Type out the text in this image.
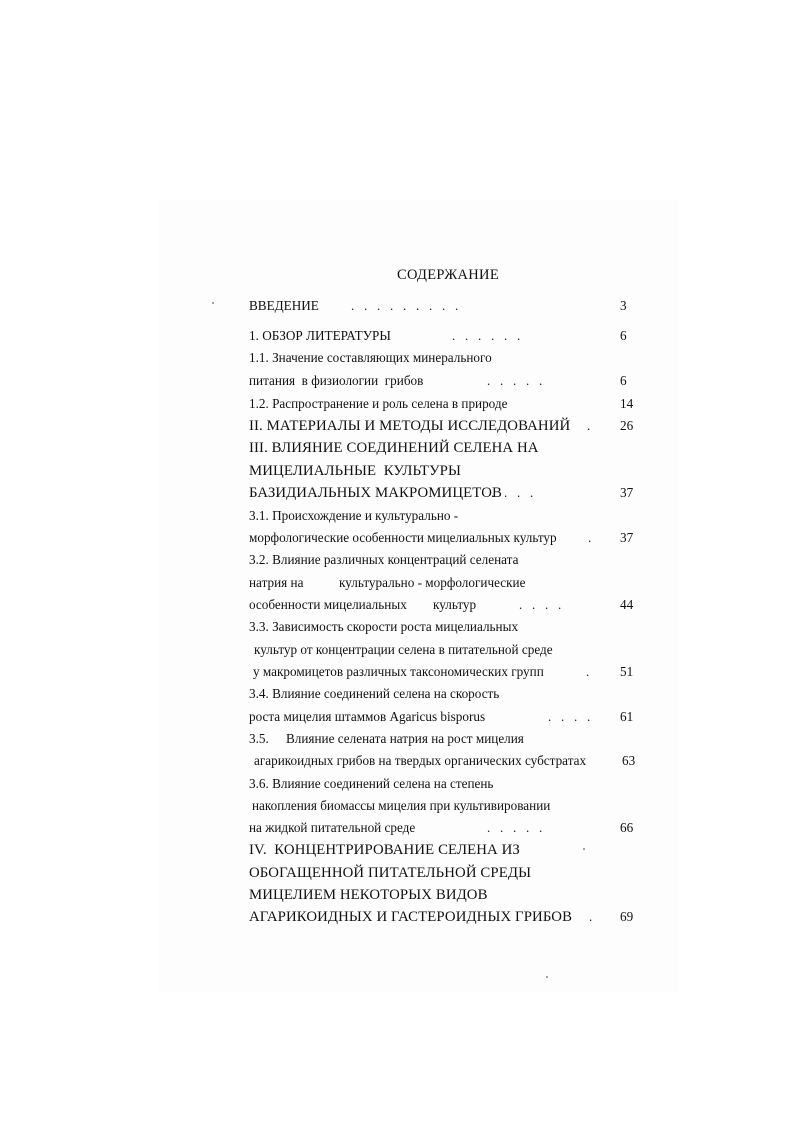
СОДЕРЖАНИЕ
ВВЕДЕНИЕ .   .   .   .   .   .   .   .   .	3
1. ОБЗОР ЛИТЕРАТУРЫ	.   .   .   .   .   .	6
1.1. Значение составляющих минерального
питания  в физиологии  грибов	.   .   .   .   .	6
1.2. Распространение и роль селена в природе	14
II. МАТЕРИАЛЫ И МЕТОДЫ ИССЛЕДОВАНИЙ . 26
III. ВЛИЯНИЕ СОЕДИНЕНИЙ СЕЛЕНА НА
МИЦЕЛИАЛЬНЫЕ  КУЛЬТУРЫ
БАЗИДИАЛЬНЫХ МАКРОМИЦЕТОВ
.   .   .   .	37
3.1. Происхождение и культурально -
морфологические особенности мицелиальных культур . 37
3.2. Влияние различных концентраций селената
натрия на	культурально - морфологические
особенности мицелиальных культур	.   .   .   .	44
3.3. Зависимость скорости роста мицелиальных
культур от концентрации селена в питательной среде
у макромицетов различных таксономических групп	. 51
3.4. Влияние соединений селена на скорость
роста мицелия штаммов Agaricus bisporus	.   .   .   . 61
3.5. Влияние селената натрия на рост мицелия
агарикоидных грибов на твердых органических субстратах	63
3.6. Влияние соединений селена на степень
накопления биомассы мицелия при культивировании
на жидкой питательной среде	.   .   .   .   .	66
IV.  КОНЦЕНТРИРОВАНИЕ СЕЛЕНА ИЗ
ОБОГАЩЕННОЙ ПИТАТЕЛЬНОЙ СРЕДЫ
МИЦЕЛИЕМ НЕКОТОРЫХ ВИДОВ
АГАРИКОИДНЫХ И ГАСТЕРОИДНЫХ ГРИБОВ . 69
